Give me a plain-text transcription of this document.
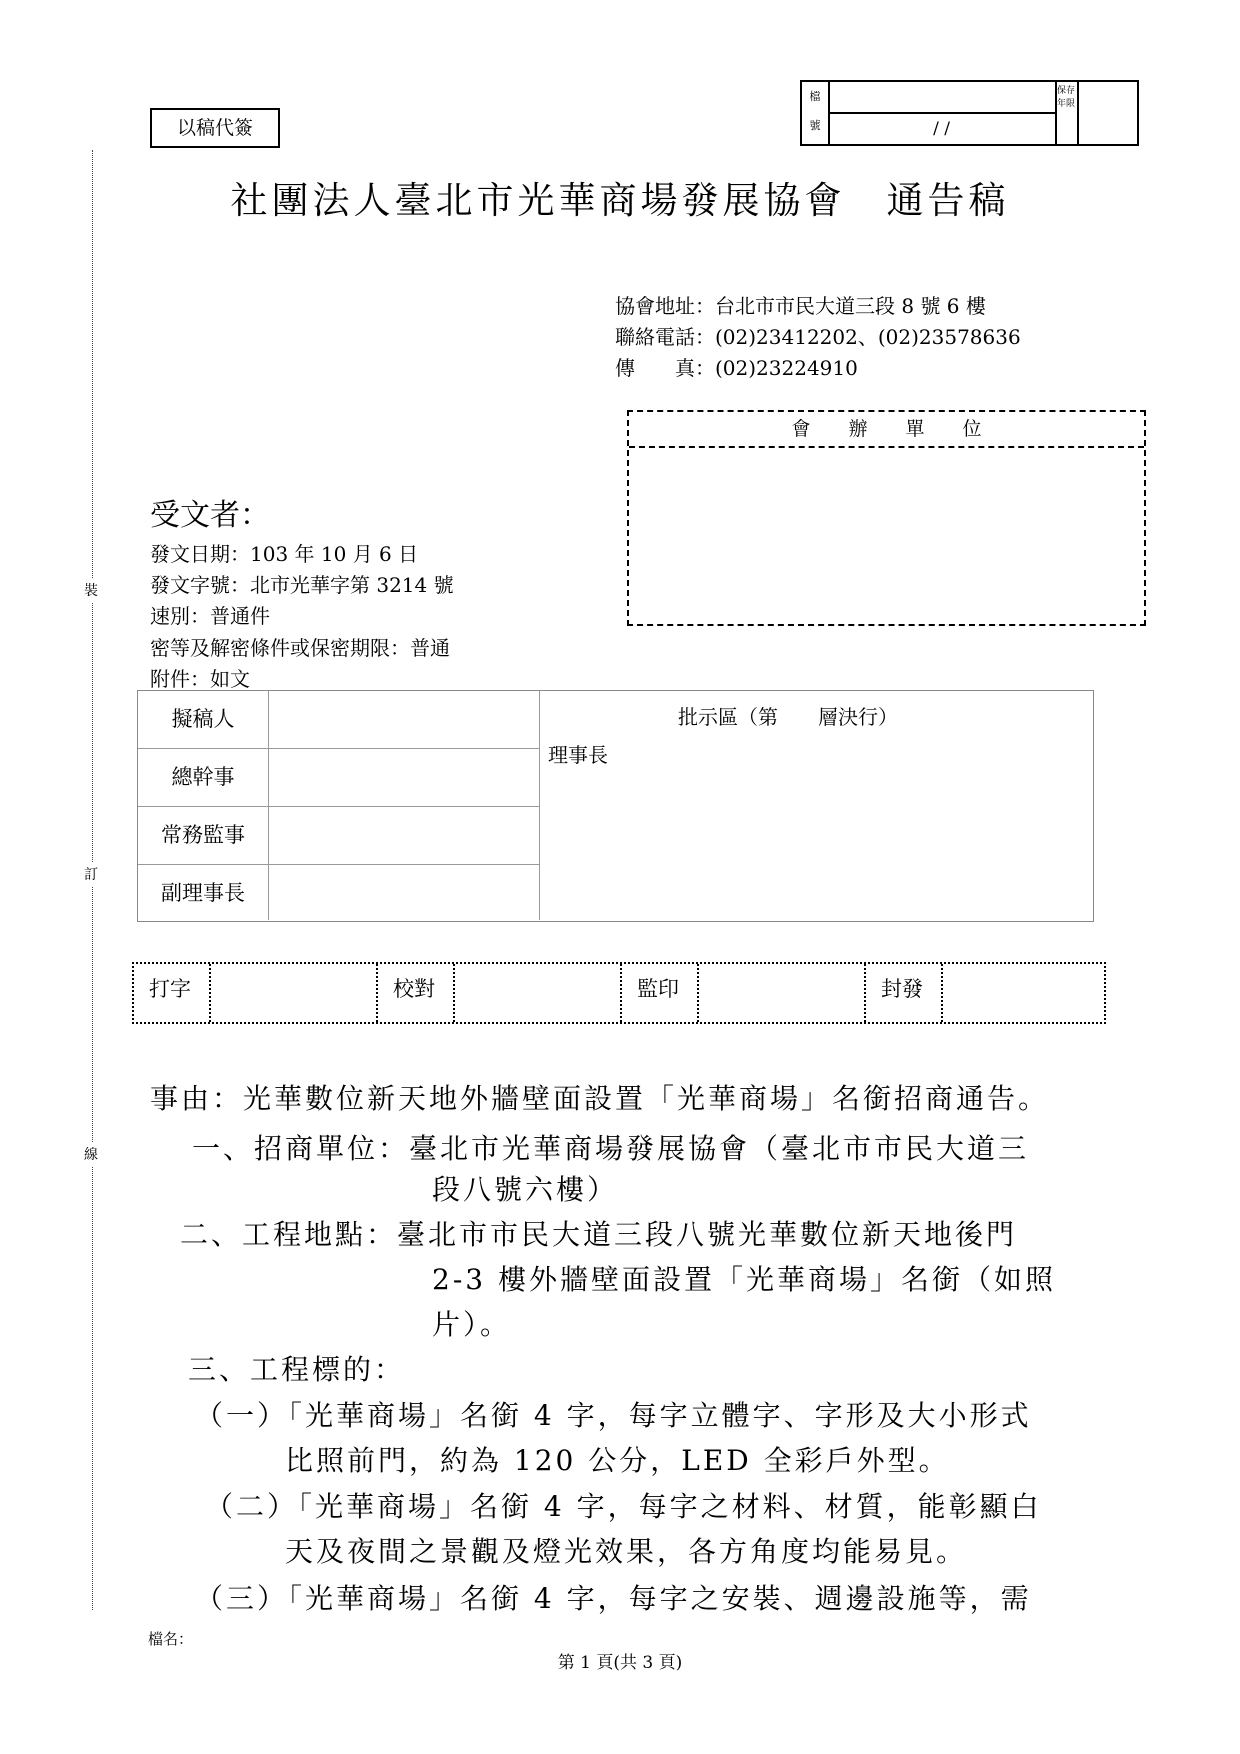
裝
訂
線
以稿代簽
檔
號	/ /
保存年限
社團法人臺北市光華商場發展協會　通告稿
協會地址：台北市市民大道三段 8 號 6 樓
聯絡電話：(02)23412202、(02)23578636
傳　　真：(02)23224910
會　　辦　　單　　位
受文者：
發文日期：103 年 10 月 6 日
發文字號：北市光華字第 3214 號
速別：普通件
密等及解密條件或保密期限：普通
附件：如文
擬稿人
總幹事
常務監事
副理事長
批示區（第　　層決行）
理事長
打字	校對	監印	封發
事由：光華數位新天地外牆壁面設置「光華商場」名銜招商通告。
一、招商單位：臺北市光華商場發展協會（臺北市市民大道三
段八號六樓）
二、工程地點：臺北市市民大道三段八號光華數位新天地後門
2-3 樓外牆壁面設置「光華商場」名銜（如照
片）。
三、工程標的：
（一）「光華商場」名銜 4 字，每字立體字、字形及大小形式
比照前門，約為 120 公分，LED 全彩戶外型。
（二）「光華商場」名銜 4 字，每字之材料、材質，能彰顯白
天及夜間之景觀及燈光效果，各方角度均能易見。
（三）「光華商場」名銜 4 字，每字之安裝、週邊設施等，需
檔名：
第 1 頁(共 3 頁)
